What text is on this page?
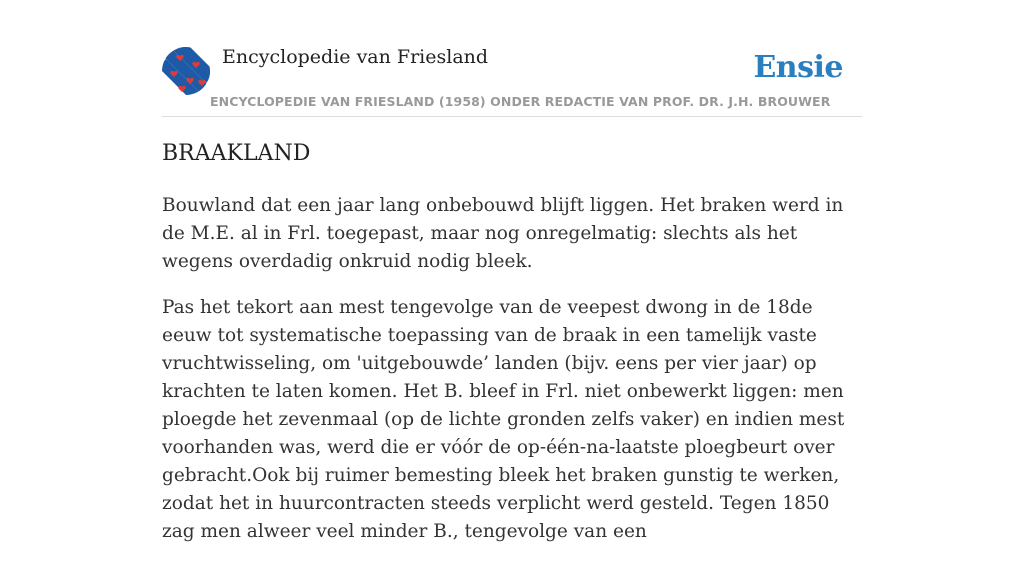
Encyclopedie van Friesland	Ensie
ENCYCLOPEDIE VAN FRIESLAND (1958) ONDER REDACTIE VAN PROF. DR. J.H. BROUWER
BRAAKLAND

Bouwland dat een jaar lang onbebouwd blijft liggen. Het braken werd in de M.E. al in Frl. toegepast, maar nog onregelmatig: slechts als het wegens overdadig onkruid nodig bleek.

Pas het tekort aan mest tengevolge van de veepest dwong in de 18de eeuw tot systematische toepassing van de braak in een tamelijk vaste vruchtwisseling, om 'uitgebouwde’ landen (bijv. eens per vier jaar) op krachten te laten komen. Het B. bleef in Frl. niet onbewerkt liggen: men ploegde het zevenmaal (op de lichte gronden zelfs vaker) en indien mest voorhanden was, werd die er vóór de op-één-na-laatste ploegbeurt over gebracht.Ook bij ruimer bemesting bleek het braken gunstig te werken, zodat het in huurcontracten steeds verplicht werd gesteld. Tegen 1850 zag men alweer veel minder B., tengevolge van een
